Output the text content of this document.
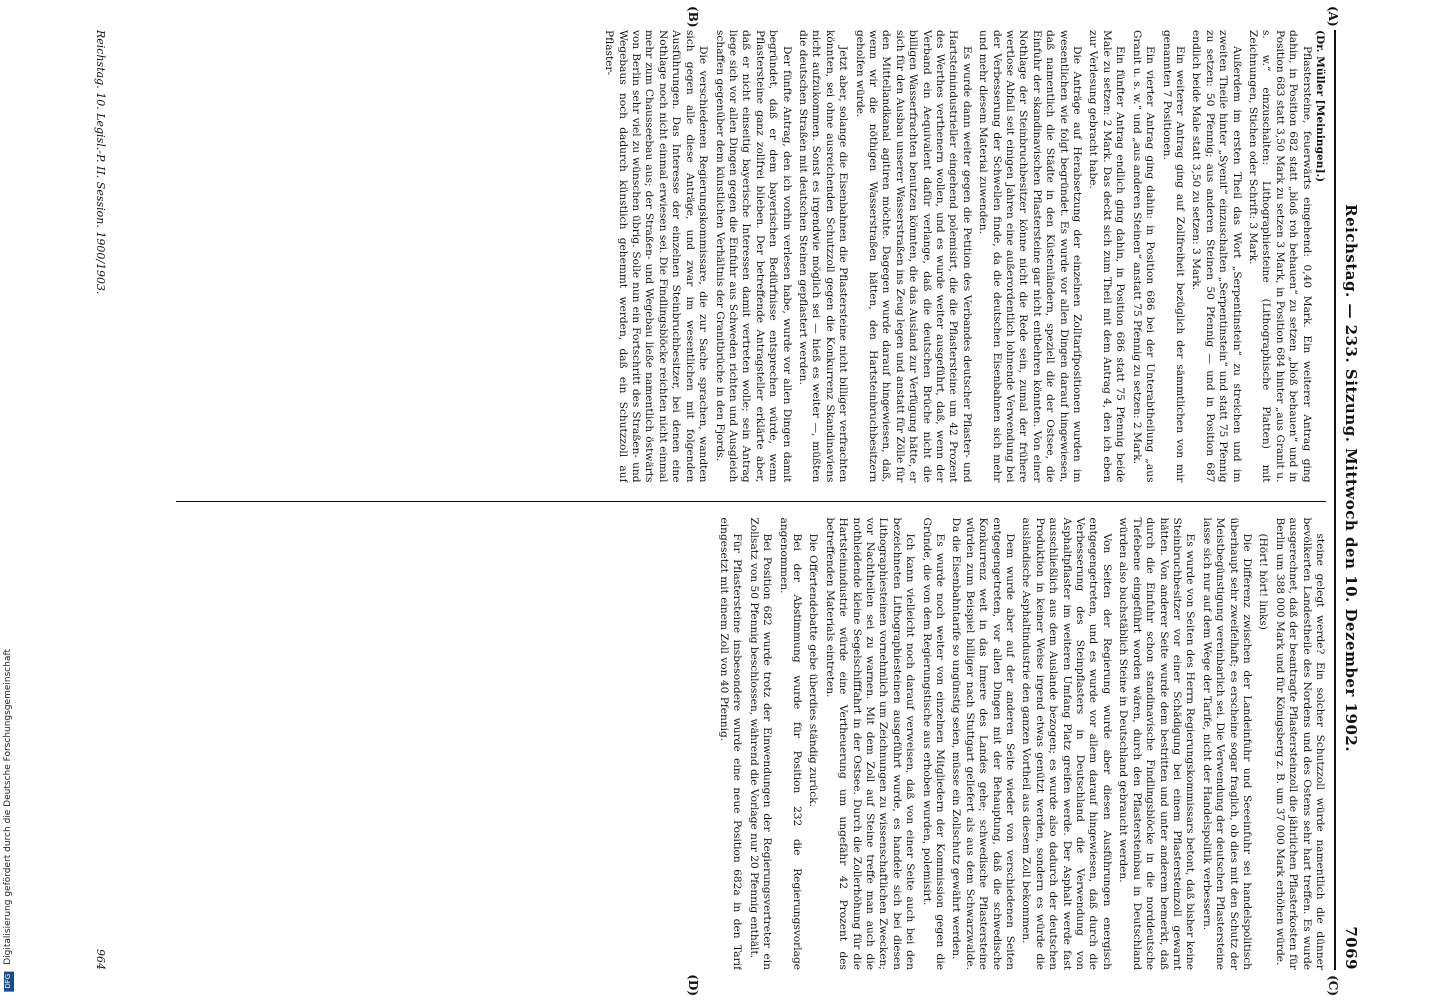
DFG Digitalisierung gefördert durch die Deutsche Forschungsgemeinschaft
Reichstag. — 233. Sitzung. Mittwoch den 10. Dezember 1902.
7069
(Dr. Müller [Meiningen].)

Pflastersteine, feuerwärts eingehend: 0,40 Mark. Ein weiterer Antrag ging dahin, in Position 682 statt „bloß roh behauen“ zu setzen „bloß behauen“ und in Position 683 statt 3,50 Mark zu setzen 3 Mark, in Position 684 hinter „aus Granit u. s. w.“ einzuschalten: Lithographiesteine (Lithographische Platten) mit Zeichnungen, Stichen oder Schrift: 3 Mark.

Außerdem im ersten Theil das Wort „Serpentinstein“ zu streichen und im zweiten Theile hinter „Syenit“ einzuschalten „Serpentinstein“ und statt 75 Pfennig zu setzen: 50 Pfennig; aus anderen Steinen 50 Pfennig — und in Position 687 endlich beide Male statt 3,50 zu setzen: 3 Mark.

Ein weiterer Antrag ging auf Zollfreiheit bezüglich der sämmtlichen von mir genannten 7 Positionen.

Ein vierter Antrag ging dahin: in Position 686 bei der Unterabtheilung „aus Granit u. s. w.“ und „aus anderen Steinen“ anstatt 75 Pfennig zu setzen: 2 Mark.

Ein fünfter Antrag endlich ging dahin, in Position 686 statt 75 Pfennig beide Male zu setzen: 2 Mark. Das deckt sich zum Theil mit dem Antrag 4, den ich eben zur Verlesung gebracht habe.

Die Anträge auf Herabsetzung der einzelnen Zolltarifpositionen wurden im wesentlichen wie folgt begründet. Es wurde vor allen Dingen darauf hingewiesen, daß namentlich die Städte in den Küstenländern, speziell die der Ostsee, die Einfuhr der skandinavischen Pflastersteine gar nicht entbehren könnten. Von einer Nothlage der Steinbruchbesitzer könne nicht die Rede sein, zumal der frühere wertlose Abfall seit einigen Jahren eine außerordentlich lohnende Verwendung bei der Verbesserung der Schwellen finde, da die deutschen Eisenbahnen sich mehr und mehr diesem Material zuwenden.

Es wurde dann weiter gegen die Petition des Verbandes deutscher Pflaster- und Hartsteinindustrieller eingehend polemisirt, die die Pflastersteine um 42 Prozent des Werthes verthenern wollen, und es wurde weiter ausgeführt, daß, wenn der Verband ein Aequivalent dafür verlange, daß die deutschen Brüche nicht die billigen Wasserfrachten benutzen könnten, die das Ausland zur Verfügung hätte, er sich für den Ausbau unserer Wasserstraßen ins Zeug legen und anstatt für Zölle für den Mittellandkanal agitiren möchte. Dagegen wurde darauf hingewiesen, daß, wenn wir die nöthigen Wasserstraßen hätten, den Hartsteinbruchbesitzern geholfen würde.

Jetzt aber, solange die Eisenbahnen die Pflastersteine nicht billiger verfrachten könnten, sei ohne ausreichenden Schutzzoll gegen die Konkurrenz Skandinaviens nicht aufzukommen. Sonst es irgendwie möglich sei — hieß es weiter —, müßten die deutschen Straßen mit deutschen Steinen gepflastert werden.

Der fünfte Antrag, den ich vorhin verlesen habe, wurde vor allen Dingen damit begründet, daß er dem bayerischen Bedürfnisse entsprechen würde, wenn Pflastersteine ganz zollfrei blieben. Der betreffende Antragsteller erklärte aber, daß er nicht einseitig bayerische Interessen damit vertreten wolle; sein Antrag liege sich vor allen Dingen gegen die Einfuhr aus Schweden richten und Ausgleich schaffen gegenüber dem künstlichen Verhältnis der Granitbrüche in den Fjords.

Die verschiedenen Regierungskommissare, die zur Sache sprachen, wandten sich gegen alle diese Anträge, und zwar im wesentlichen mit folgenden Ausführungen. Das Interesse der einzelnen Steinbruchbesitzer, bei denen eine Nothlage noch nicht einmal erwiesen sei. Die Findlingsblöcke reichten nicht einmal mehr zum Chausseebau aus; der Straßen- und Wegebau ließe namentlich östwärts von Berlin sehr viel zu wünschen übrig. Solle nun ein Fortschritt des Straßen- und Wegebaus noch dadurch künstlich gehemmt werden, daß ein Schutzzoll auf Pflaster-

steine gelegt werde? Ein solcher Schutzzoll würde namentlich die dünner bevölkerten Landestheile des Nordens und des Ostens sehr hart treffen. Es wurde ausgerechnet, daß der beantragte Pflastersteinzoll die jährlichen Pflasterkosten für Berlin um 388 000 Mark und für Königsberg z. B. um 37 000 Mark erhöhen würde.

(Hört! hört! links)

Die Differenz zwischen der Landeinfuhr und Seeeinfuhr sei handelspolitisch überhaupt sehr zweifelhaft; es erscheine sogar fraglich, ob dies mit den Schutz der Meistbegünstigung vereinbarlich sei. Die Verwendung der deutschen Pflastersteine lasse sich nur auf dem Wege der Tarife, nicht der Handelspolitik verbessern.

Es wurde von Seiten des Herrn Regierungskommissars betont, daß bisher keine Steinbruchbesitzer vor einer Schädigung bei einem Pflastersteinzoll gewarnt hätten. Von anderer Seite wurde dem bestritten und unter anderem bemerkt, daß durch die Einfuhr schon standinavische Findlingsblöcke in die norddeutsche Tiefebene eingeführt worden wären, durch den Pflastersteinbau in Deutschland würden also buchstäblich Steine in Deutschland gebraucht werden.

Von Seiten der Regierung wurde aber diesen Ausführungen energisch entgegengetreten, und es wurde vor allem darauf hingewiesen, daß durch die Verbesserung des Steinpflasters in Deutschland die Verwendung von Asphaltpflaster im weiteren Umfang Platz greifen werde. Der Asphalt werde fast ausschließlich aus dem Auslande bezogen; es wurde also dadurch der deutschen Produktion in keiner Weise irgend etwas genützt werden, sondern es würde die ausländische Asphaltindustrie den ganzen Vortheil aus diesem Zoll bekommen.

Dem wurde aber auf der anderen Seite wieder von verschiedenen Seiten entgegengetreten, vor allen Dingen mit der Behauptung, daß die schwedische Konkurrenz weit in das Innere des Landes gehe; schwedische Pflastersteine würden zum Beispiel billiger nach Stuttgart geliefert als aus dem Schwarzwalde. Da die Eisenbahntarife so ungünstig seien, müsse ein Zollschutz gewährt werden.

Es wurde noch weiter von einzelnen Mitgliedern der Kommission gegen die Gründe, die von dem Regierungstische aus erhoben wurden, polemisirt.

Ich kann vielleicht noch darauf verweisen, daß von einer Seite auch bei den bezeichneten Lithographiesteinen ausgeführt wurde, es handele sich bei diesen Lithographiesteinen vornehmlich um Zeichnungen zu wissenschaftlichen Zwecken; vor Nachtheilen sei zu warnen. Mit dem Zoll auf Steine treffe man auch die nothleidende kleine Segelschifffahrt in der Ostsee. Durch die Zollerhöhung für die Hartsteinindustrie würde eine Vertheuerung um ungefähr 42 Prozent des betreffenden Materials eintreten.

Die Offertendebatte gebe überdies ständig zurück.

Bei der Abstimmung wurde für Position 232 die Regierungsvorlage angenommen.

Bei Position 682 wurde trotz der Einwendungen der Regierungsvertreter ein Zollsatz von 50 Pfennig beschlossen, während die Vorlage nur 20 Pfennig enthält.

Für Pflastersteine insbesondere wurde eine neue Position 682a in den Tarif eingesetzt mit einem Zoll von 40 Pfennig.

(A)
(B)
(C)
(D)
Reichstag. 10. Legisl.-P. II. Session. 1900/1903.
964
